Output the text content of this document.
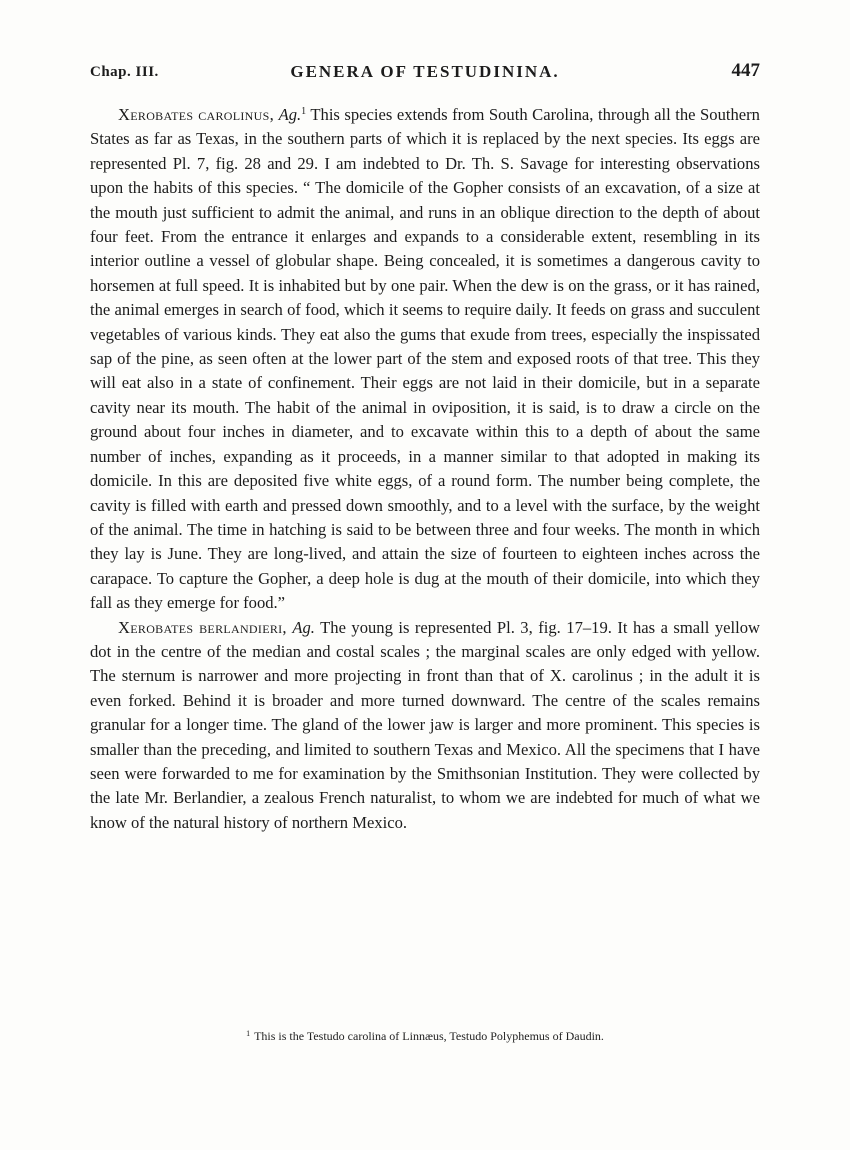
Chap. III.	GENERA OF TESTUDININA.	447

Xerobates carolinus, Ag.$^1$ This species extends from South Carolina, through all the Southern States as far as Texas, in the southern parts of which it is replaced by the next species. Its eggs are represented Pl. 7, fig. 28 and 29. I am indebted to Dr. Th. S. Savage for interesting observations upon the habits of this species. “ The domicile of the Gopher consists of an excavation, of a size at the mouth just sufficient to admit the animal, and runs in an oblique direction to the depth of about four feet. From the entrance it enlarges and expands to a considerable extent, resembling in its interior outline a vessel of globular shape. Being concealed, it is sometimes a dangerous cavity to horsemen at full speed. It is inhabited but by one pair. When the dew is on the grass, or it has rained, the animal emerges in search of food, which it seems to require daily. It feeds on grass and succulent vegetables of various kinds. They eat also the gums that exude from trees, especially the inspissated sap of the pine, as seen often at the lower part of the stem and exposed roots of that tree. This they will eat also in a state of confinement. Their eggs are not laid in their domicile, but in a separate cavity near its mouth. The habit of the animal in oviposition, it is said, is to draw a circle on the ground about four inches in diameter, and to excavate within this to a depth of about the same number of inches, expanding as it proceeds, in a manner similar to that adopted in making its domicile. In this are deposited five white eggs, of a round form. The number being complete, the cavity is filled with earth and pressed down smoothly, and to a level with the surface, by the weight of the animal. The time in hatching is said to be between three and four weeks. The month in which they lay is June. They are long-lived, and attain the size of fourteen to eighteen inches across the carapace. To capture the Gopher, a deep hole is dug at the mouth of their domicile, into which they fall as they emerge for food.”

Xerobates berlandieri, Ag. The young is represented Pl. 3, fig. 17–19. It has a small yellow dot in the centre of the median and costal scales ; the marginal scales are only edged with yellow. The sternum is narrower and more projecting in front than that of X. carolinus ; in the adult it is even forked. Behind it is broader and more turned downward. The centre of the scales remains granular for a longer time. The gland of the lower jaw is larger and more prominent. This species is smaller than the preceding, and limited to southern Texas and Mexico. All the specimens that I have seen were forwarded to me for examination by the Smithsonian Institution. They were collected by the late Mr. Berlandier, a zealous French naturalist, to whom we are indebted for much of what we know of the natural history of northern Mexico.

$^1$ This is the Testudo carolina of Linnæus, Testudo Polyphemus of Daudin.
